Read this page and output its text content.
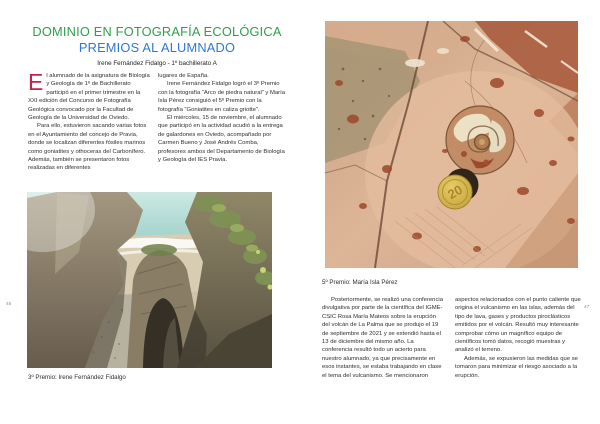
DOMINIO EN FOTOGRAFÍA ECOLÓGICA
PREMIOS AL ALUMNADO
Irene Fernández Fidalgo - 1º bachillerato A

El alumnado de la asignatura de Biología y Geología de 1º de Bachillerato participó en el primer trimestre en la XXI edición del Concurso de Fotografía Geológica convocado por la Facultad de Geología de la Universidad de Oviedo.

Para ello, estuvieron sacando varias fotos en el Ayuntamiento del concejo de Pravia, donde se localizan diferentes fósiles marinos como goniatites y othoceras del Carbonífero. Además, también se presentaron fotos realizadas en diferentes

lugares de España.

Irene Fernández Fidalgo logró el 3º Premio con la fotografía “Arco de piedra natural” y María Isla Pérez consiguió el 5º Premio con la fotografía “Goniatites en caliza griotte”.

El miércoles, 15 de noviembre, el alumnado que participó en la actividad acudió a la entrega de galardones en Oviedo, acompañado por Carmen Bueno y José Andrés Comba, profesores ambos del Departamento de Biología y Geología del IES Pravia.

3º Premio: Irene Fernández Fidalgo
46
20
5º Premio: María Isla Pérez

Posteriormente, se realizó una conferencia divulgativa por parte de la científica del IGME-CSIC Rosa María Mateos sobre la erupción del volcán de La Palma que se produjo el 19 de septiembre de 2021 y se extendió hasta el 13 de diciembre del mismo año. La conferencia resultó todo un acierto para nuestro alumnado, ya que precisamente en esos instantes, se estaba trabajando en clase el tema del vulcanismo. Se mencionaron

aspectos relacionados con el punto caliente que origina el vulcanismo en las islas, además del tipo de lava, gases y productos piroclásticos emitidos por el volcán. Resultó muy interesante comprobar cómo un magnífico equipo de científicos tomó datos, recogió muestras y analizó el terreno.

Además, se expusieron las medidas que se tomaron para minimizar el riesgo asociado a la erupción.

47
